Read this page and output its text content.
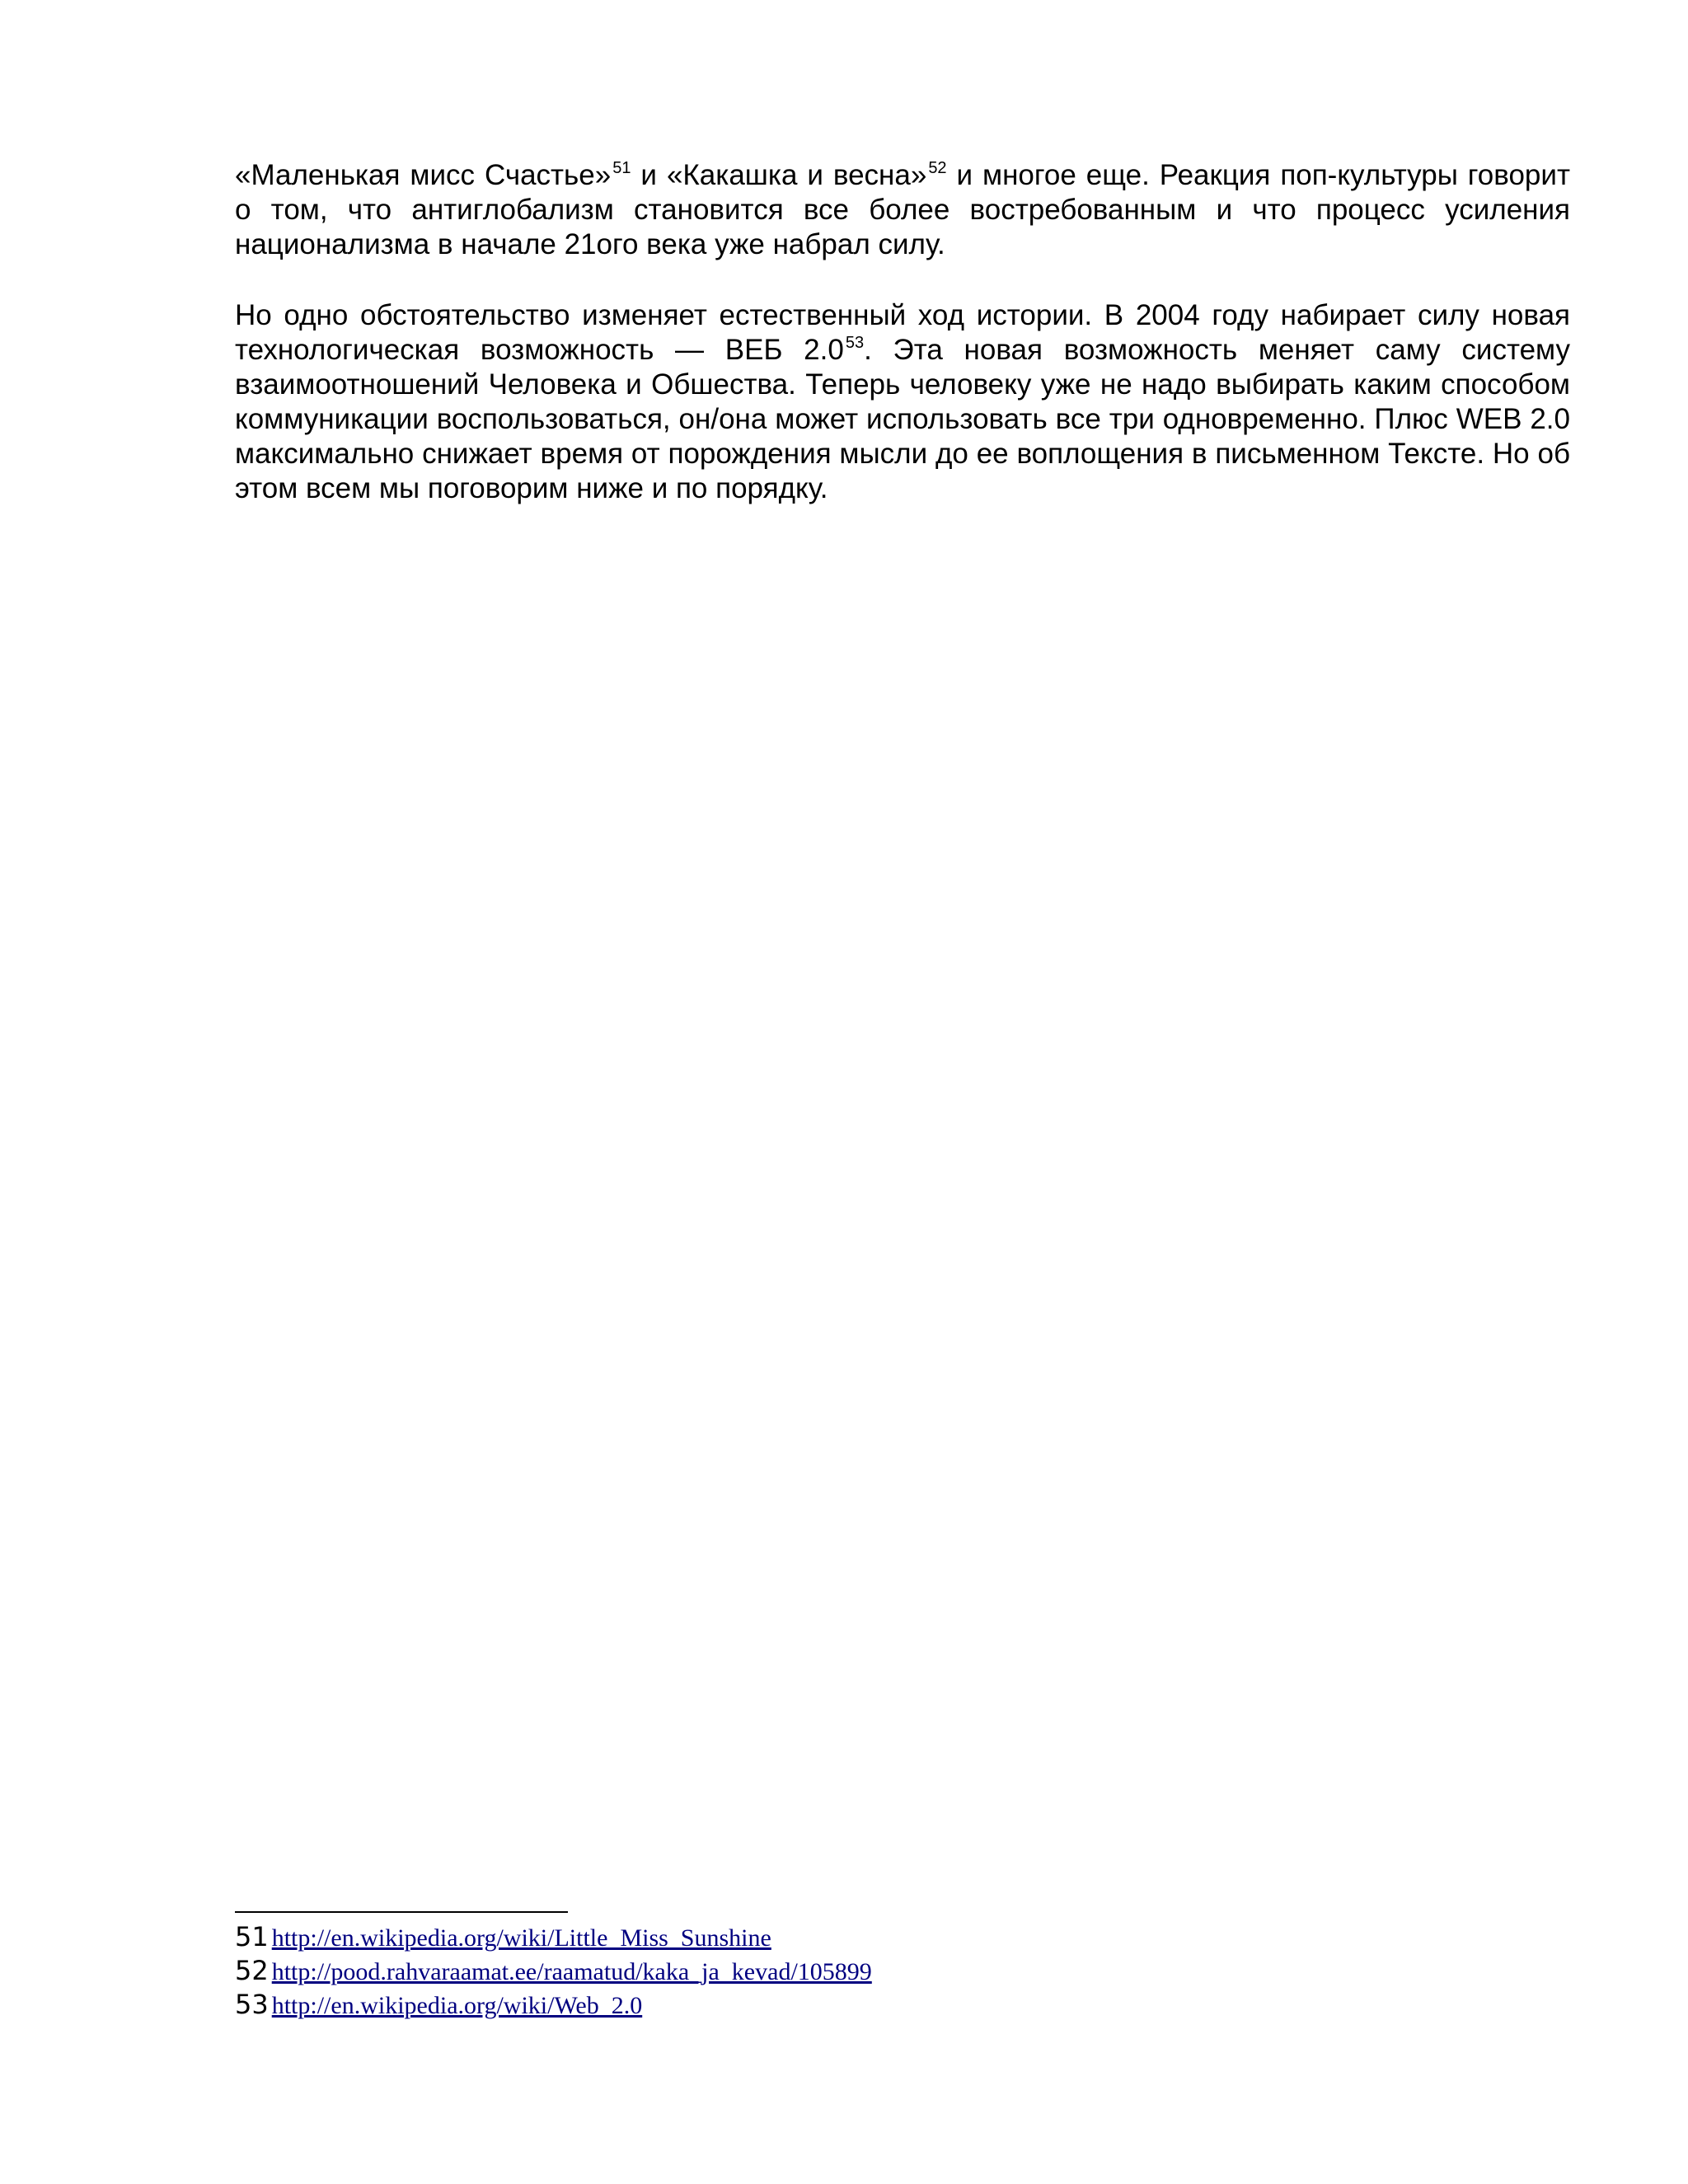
«Маленькая мисс Счастье» $^{51}$ и «Какашка и весна» $^{52}$ и многое еще. Реакция поп-культуры говорит о том, что антиглобализм становится все более востребованным и что процесс усиления национализма в начале 21ого века уже набрал силу.

Но одно обстоятельство изменяет естественный ход истории. В 2004 году набирает силу новая технологическая возможность — ВЕБ 2.0 $^{53}$. Эта новая возможность меняет саму систему взаимоотношений Человека и Обшества. Теперь человеку уже не надо выбирать каким способом коммуникации воспользоваться, он/она может использовать все три одновременно. Плюс WEB 2.0 максимально снижает время от порождения мысли до ее воплощения в письменном Тексте. Но об этом всем мы поговорим ниже и по порядку.

51 http://en.wikipedia.org/wiki/Little_Miss_Sunshine
52 http://pood.rahvaraamat.ee/raamatud/kaka_ja_kevad/105899
53 http://en.wikipedia.org/wiki/Web_2.0
